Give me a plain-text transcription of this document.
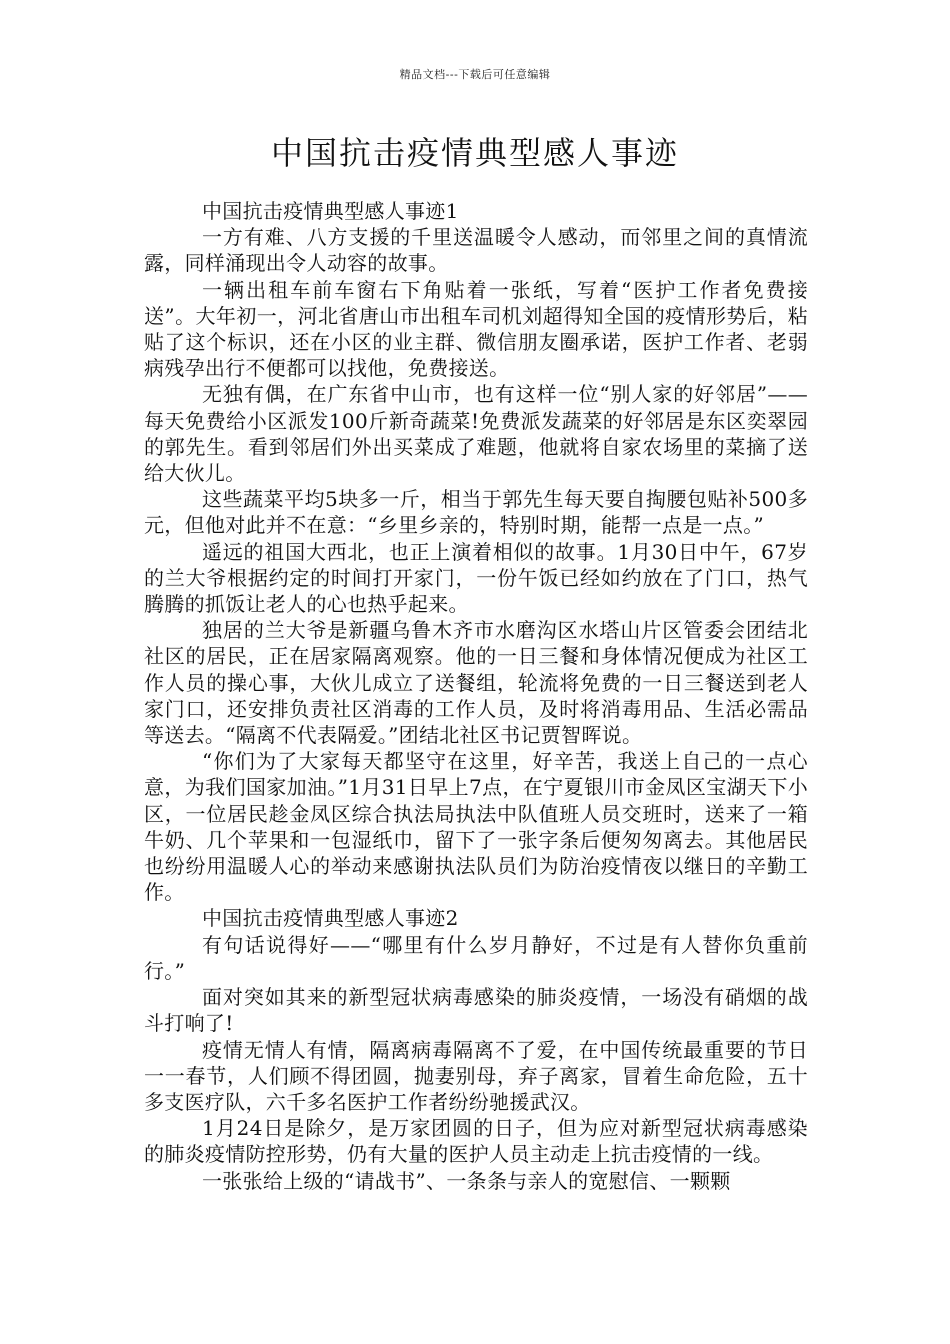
精品文档---下载后可任意编辑
中国抗击疫情典型感人事迹

中国抗击疫情典型感人事迹1

一方有难、八方支援的千里送温暖令人感动，而邻里之间的真情流露，同样涌现出令人动容的故事。

一辆出租车前车窗右下角贴着一张纸，写着“医护工作者免费接送”。大年初一，河北省唐山市出租车司机刘超得知全国的疫情形势后，粘贴了这个标识，还在小区的业主群、微信朋友圈承诺，医护工作者、老弱病残孕出行不便都可以找他，免费接送。

无独有偶，在广东省中山市，也有这样一位“别人家的好邻居”——每天免费给小区派发100斤新奇蔬菜!免费派发蔬菜的好邻居是东区奕翠园的郭先生。看到邻居们外出买菜成了难题，他就将自家农场里的菜摘了送给大伙儿。

这些蔬菜平均5块多一斤，相当于郭先生每天要自掏腰包贴补500多元，但他对此并不在意：“乡里乡亲的，特别时期，能帮一点是一点。”

遥远的祖国大西北，也正上演着相似的故事。1月30日中午，67岁的兰大爷根据约定的时间打开家门，一份午饭已经如约放在了门口，热气腾腾的抓饭让老人的心也热乎起来。

独居的兰大爷是新疆乌鲁木齐市水磨沟区水塔山片区管委会团结北社区的居民，正在居家隔离观察。他的一日三餐和身体情况便成为社区工作人员的操心事，大伙儿成立了送餐组，轮流将免费的一日三餐送到老人家门口，还安排负责社区消毒的工作人员，及时将消毒用品、生活必需品等送去。“隔离不代表隔爱。”团结北社区书记贾智晖说。

“你们为了大家每天都坚守在这里，好辛苦，我送上自己的一点心意，为我们国家加油。”1月31日早上7点，在宁夏银川市金凤区宝湖天下小区，一位居民趁金凤区综合执法局执法中队值班人员交班时，送来了一箱牛奶、几个苹果和一包湿纸巾，留下了一张字条后便匆匆离去。其他居民也纷纷用温暖人心的举动来感谢执法队员们为防治疫情夜以继日的辛勤工作。

中国抗击疫情典型感人事迹2

有句话说得好——“哪里有什么岁月静好，不过是有人替你负重前行。”

面对突如其来的新型冠状病毒感染的肺炎疫情，一场没有硝烟的战斗打响了!

疫情无情人有情，隔离病毒隔离不了爱，在中国传统最重要的节日一一春节，人们顾不得团圆，抛妻别母，弃子离家，冒着生命危险，五十多支医疗队，六千多名医护工作者纷纷驰援武汉。

1月24日是除夕，是万家团圆的日子，但为应对新型冠状病毒感染的肺炎疫情防控形势，仍有大量的医护人员主动走上抗击疫情的一线。

一张张给上级的“请战书”、一条条与亲人的宽慰信、一颗颗
